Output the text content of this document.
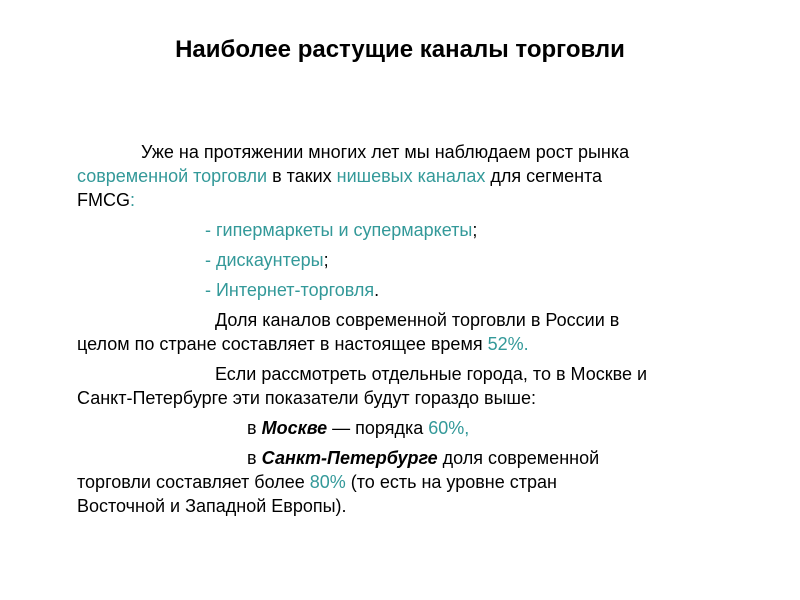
Наиболее растущие каналы торговли
Уже на протяжении многих лет мы наблюдаем рост рынка
современной торговли в таких нишевых каналах для сегмента
FMCG:
- гипермаркеты и супермаркеты;
- дискаунтеры;
- Интернет-торговля.
Доля каналов современной торговли в России в
целом по стране составляет в настоящее время 52%.
Если рассмотреть отдельные города, то в Москве и
Санкт-Петербурге эти показатели будут гораздо выше:
в Москве — порядка 60%,
в Санкт-Петербурге доля современной
торговли составляет более 80% (то есть на уровне стран
Восточной и Западной Европы).
